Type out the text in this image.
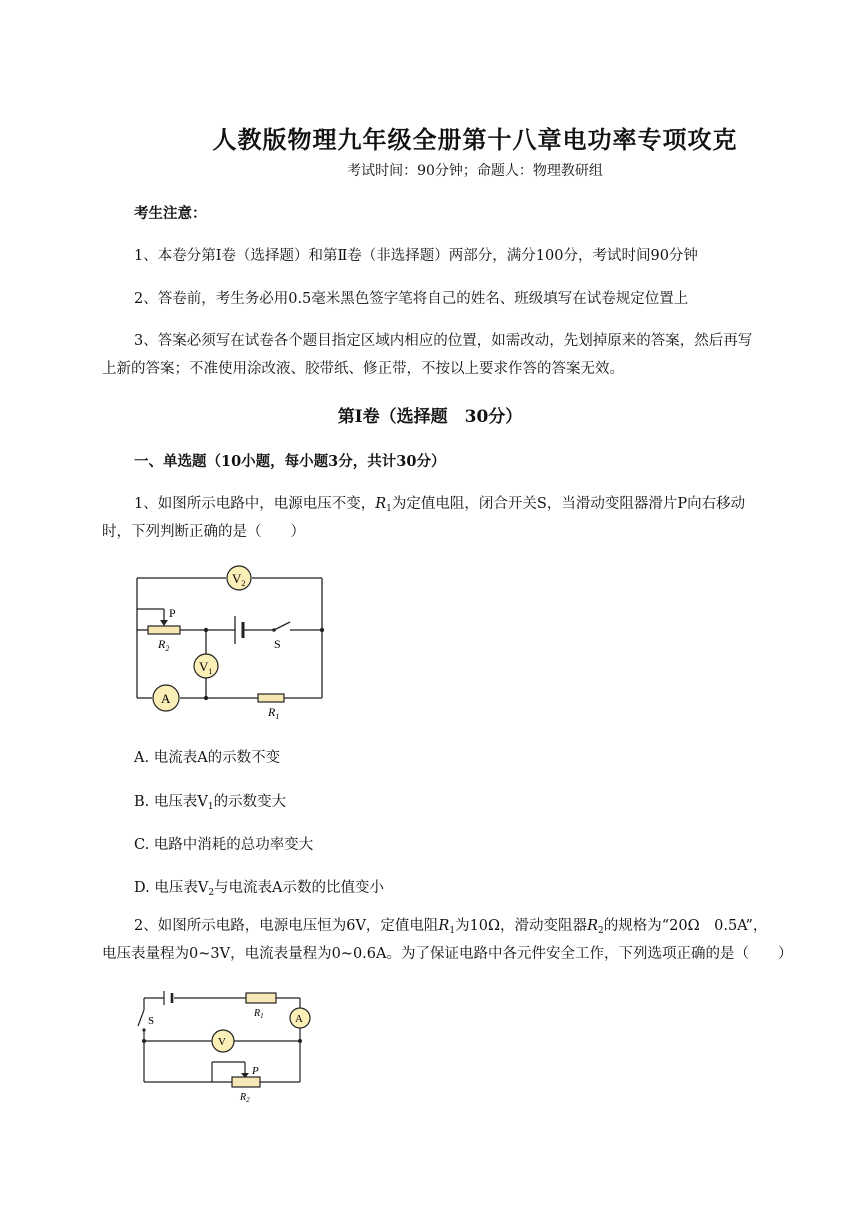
人教版物理九年级全册第十八章电功率专项攻克
考试时间：90分钟；命题人：物理教研组
考生注意：
1、本卷分第Ⅰ卷（选择题）和第Ⅱ卷（非选择题）两部分，满分100分，考试时间90分钟
2、答卷前，考生务必用0.5毫米黑色签字笔将自己的姓名、班级填写在试卷规定位置上
3、答案必须写在试卷各个题目指定区域内相应的位置，如需改动，先划掉原来的答案，然后再写
上新的答案；不准使用涂改液、胶带纸、修正带，不按以上要求作答的答案无效。
第Ⅰ卷（选择题　30分）
一、单选题（10小题，每小题3分，共计30分）
1、如图所示电路中，电源电压不变，$R_1$为定值电阻，闭合开关S，当滑动变阻器滑片P向右移动
时，下列判断正确的是（　　）
$V_2$
$V_1$
A
P
$R_2$
$R_1$
S
A. 电流表A的示数不变
B. 电压表$V_1$的示数变大
C. 电路中消耗的总功率变大
D. 电压表$V_2$与电流表A示数的比值变小
2、如图所示电路，电源电压恒为6V，定值电阻$R_1$为10Ω，滑动变阻器$R_2$的规格为“20Ω　0.5A”，
电压表量程为0~3V，电流表量程为0~0.6A。为了保证电路中各元件安全工作，下列选项正确的是（　　）
A
V
S
$R_1$
P
$R_2$
